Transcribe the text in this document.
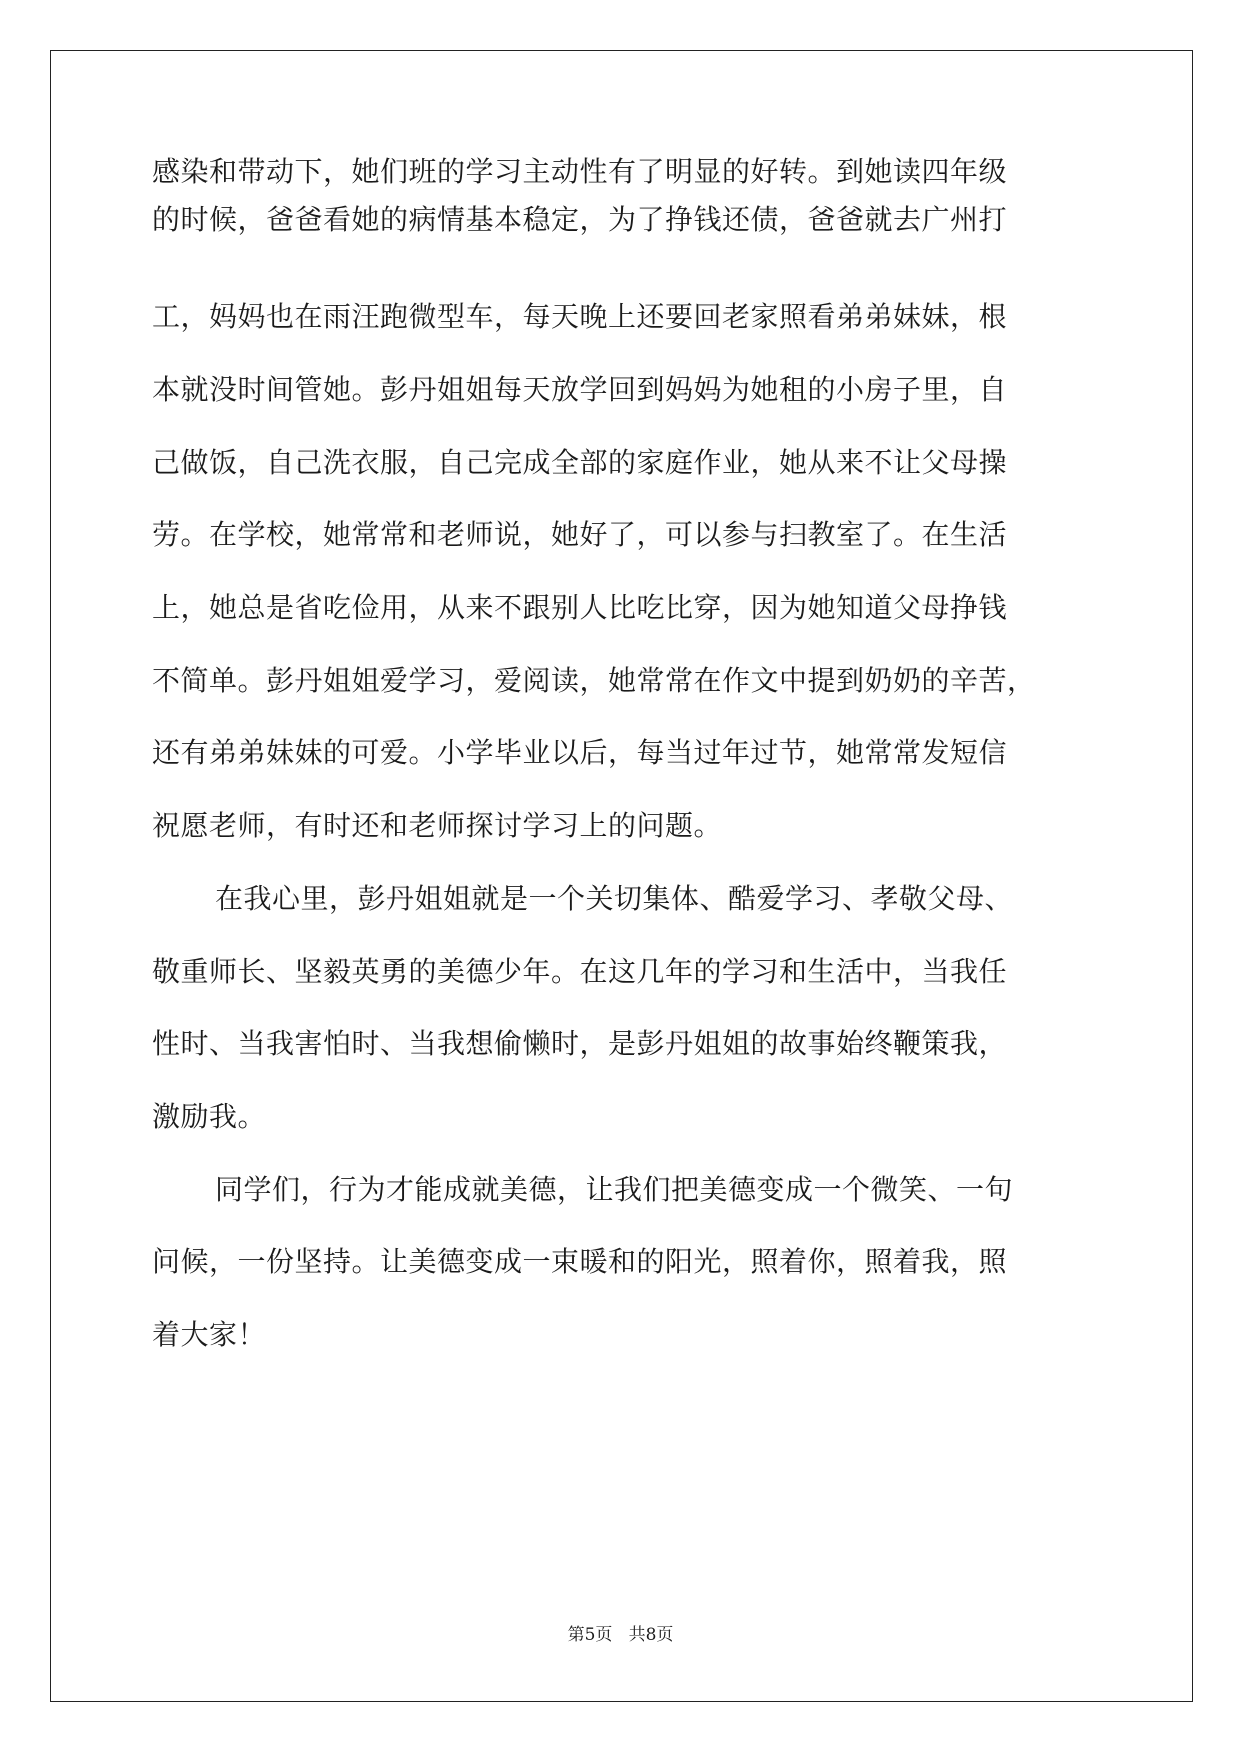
感染和带动下，她们班的学习主动性有了明显的好转。到她读四年级
的时候，爸爸看她的病情基本稳定，为了挣钱还债，爸爸就去广州打
工，妈妈也在雨汪跑微型车，每天晚上还要回老家照看弟弟妹妹，根
本就没时间管她。彭丹姐姐每天放学回到妈妈为她租的小房子里，自
己做饭，自己洗衣服，自己完成全部的家庭作业，她从来不让父母操
劳。在学校，她常常和老师说，她好了，可以参与扫教室了。在生活
上，她总是省吃俭用，从来不跟别人比吃比穿，因为她知道父母挣钱
不简单。彭丹姐姐爱学习，爱阅读，她常常在作文中提到奶奶的辛苦，
还有弟弟妹妹的可爱。小学毕业以后，每当过年过节，她常常发短信
祝愿老师，有时还和老师探讨学习上的问题。
在我心里，彭丹姐姐就是一个关切集体、酷爱学习、孝敬父母、
敬重师长、坚毅英勇的美德少年。在这几年的学习和生活中，当我任
性时、当我害怕时、当我想偷懒时，是彭丹姐姐的故事始终鞭策我，
激励我。
同学们，行为才能成就美德，让我们把美德变成一个微笑、一句
问候，一份坚持。让美德变成一束暖和的阳光，照着你，照着我，照
着大家！
第5页   共8页
